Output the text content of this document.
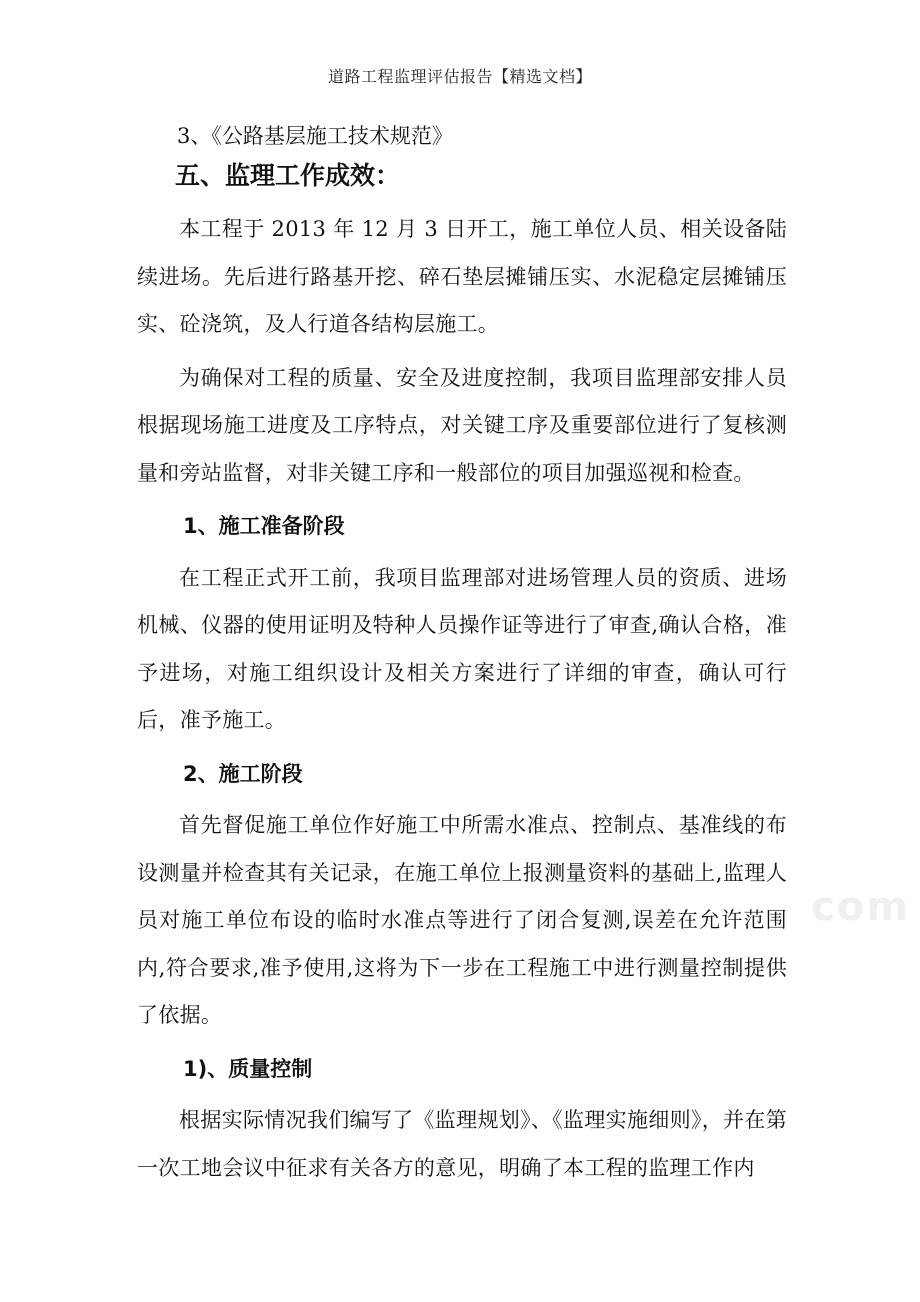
道路工程监理评估报告【精选文档】

3、《公路基层施工技术规范》

五、监理工作成效：

本工程于 2013 年 12 月 3 日开工，施工单位人员、相关设备陆续进场。先后进行路基开挖、碎石垫层摊铺压实、水泥稳定层摊铺压实、砼浇筑，及人行道各结构层施工。

为确保对工程的质量、安全及进度控制，我项目监理部安排人员根据现场施工进度及工序特点，对关键工序及重要部位进行了复核测量和旁站监督，对非关键工序和一般部位的项目加强巡视和检查。

1、施工准备阶段

在工程正式开工前，我项目监理部对进场管理人员的资质、进场机械、仪器的使用证明及特种人员操作证等进行了审查,确认合格，准予进场，对施工组织设计及相关方案进行了详细的审查，确认可行后，准予施工。

2、施工阶段

首先督促施工单位作好施工中所需水准点、控制点、基准线的布设测量并检查其有关记录，在施工单位上报测量资料的基础上,监理人员对施工单位布设的临时水准点等进行了闭合复测,误差在允许范围内,符合要求,准予使用,这将为下一步在工程施工中进行测量控制提供了依据。

1)、质量控制

根据实际情况我们编写了《监理规划》、《监理实施细则》，并在第一次工地会议中征求有关各方的意见，明确了本工程的监理工作内

com
